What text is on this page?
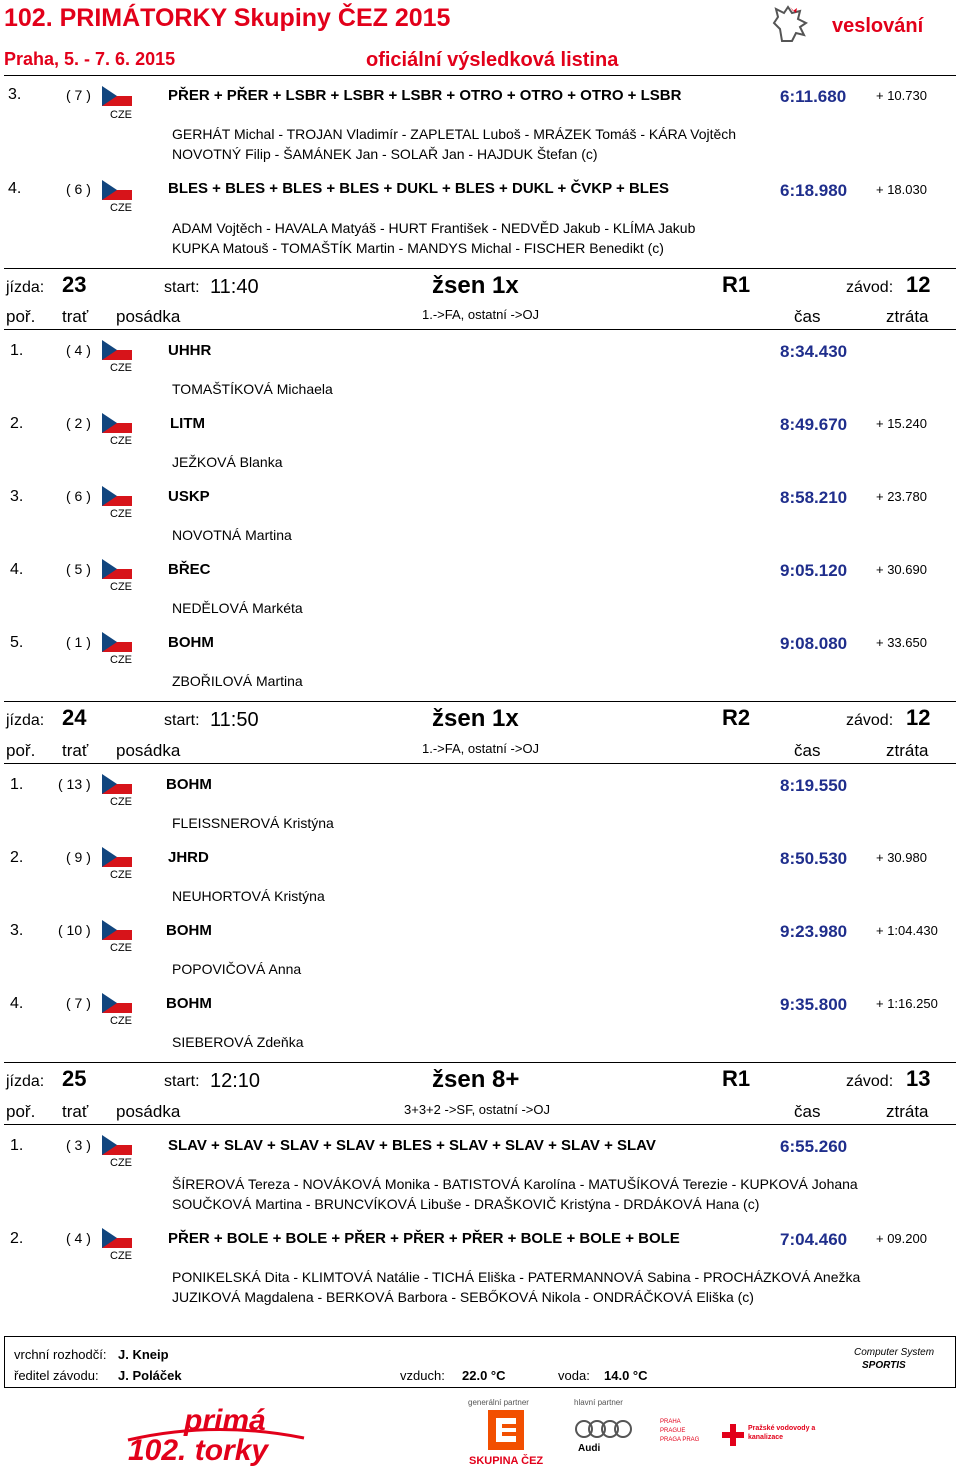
102. PRIMÁTORKY Skupiny ČEZ 2015
Praha, 5. - 7. 6. 2015	oficiální výsledková listina
veslování
3.	( 7 )
CZE
PŘER + PŘER + LSBR + LSBR + LSBR + OTRO + OTRO + OTRO + LSBR	6:11.680 + 10.730
GERHÁT Michal - TROJAN Vladimír - ZAPLETAL Luboš - MRÁZEK Tomáš - KÁRA Vojtěch
NOVOTNÝ Filip - ŠAMÁNEK Jan - SOLAŘ Jan - HAJDUK Štefan (c)
4.	( 6 )
CZE
BLES + BLES + BLES + BLES + DUKL + BLES + DUKL + ČVKP + BLES	6:18.980 + 18.030
ADAM Vojtěch - HAVALA Matyáš - HURT František - NEDVĚD Jakub - KLÍMA Jakub
KUPKA Matouš - TOMAŠTÍK Martin - MANDYS Michal - FISCHER Benedikt (c)
jízda: 23	start: 11:40	žsen 1x	R1	závod: 12
poř. trať posádka	1.->FA, ostatní ->OJ	čas	ztráta
1.	( 4 )
CZE
UHHR	8:34.430
TOMAŠTÍKOVÁ Michaela
2.	( 2 )
CZE
LITM	8:49.670 + 15.240
JEŽKOVÁ Blanka
3.	( 6 )
CZE
USKP	8:58.210 + 23.780
NOVOTNÁ Martina
4.	( 5 )
CZE
BŘEC	9:05.120 + 30.690
NEDĚLOVÁ Markéta
5.	( 1 )
CZE
BOHM	9:08.080 + 33.650
ZBOŘILOVÁ Martina
jízda: 24	start: 11:50	žsen 1x	R2	závod: 12
poř. trať posádka	1.->FA, ostatní ->OJ	čas	ztráta
1. ( 13 )
CZE
BOHM	8:19.550
FLEISSNEROVÁ Kristýna
2.	( 9 )
CZE
JHRD	8:50.530 + 30.980
NEUHORTOVÁ Kristýna
3. ( 10 )
CZE
BOHM	9:23.980 + 1:04.430
POPOVIČOVÁ Anna
4.	( 7 )
CZE
BOHM	9:35.800 + 1:16.250
SIEBEROVÁ Zdeňka
jízda: 25	start: 12:10	žsen 8+	R1	závod: 13
poř. trať posádka	3+3+2 ->SF, ostatní ->OJ	čas	ztráta
1.	( 3 )
CZE
SLAV + SLAV + SLAV + SLAV + BLES + SLAV + SLAV + SLAV + SLAV	6:55.260
ŠÍREROVÁ Tereza - NOVÁKOVÁ Monika - BATISTOVÁ Karolína - MATUŠÍKOVÁ Terezie - KUPKOVÁ Johana
SOUČKOVÁ Martina - BRUNCVÍKOVÁ Libuše - DRAŠKOVIČ Kristýna - DRDÁKOVÁ Hana (c)
2.	( 4 )
CZE
PŘER + BOLE + BOLE + PŘER + PŘER + PŘER + BOLE + BOLE + BOLE	7:04.460 + 09.200
PONIKELSKÁ Dita - KLIMTOVÁ Natálie - TICHÁ Eliška - PATERMANNOVÁ Sabina - PROCHÁZKOVÁ Anežka
JUZIKOVÁ Magdalena - BERKOVÁ Barbora - SEBŐKOVÁ Nikola - ONDRÁČKOVÁ Eliška (c)
vrchní rozhodčí: J. Kneip
ředitel závodu: J. Poláček	vzduch: 22.0 °C	voda: 14.0 °C
Computer System
SPORTIS
primá
102. torky
generální partner
SKUPINA ČEZ
hlavní partner
Audi
PRAHA PRAGUE PRAGA PRAG
Pražské vodovody a kanalizace
